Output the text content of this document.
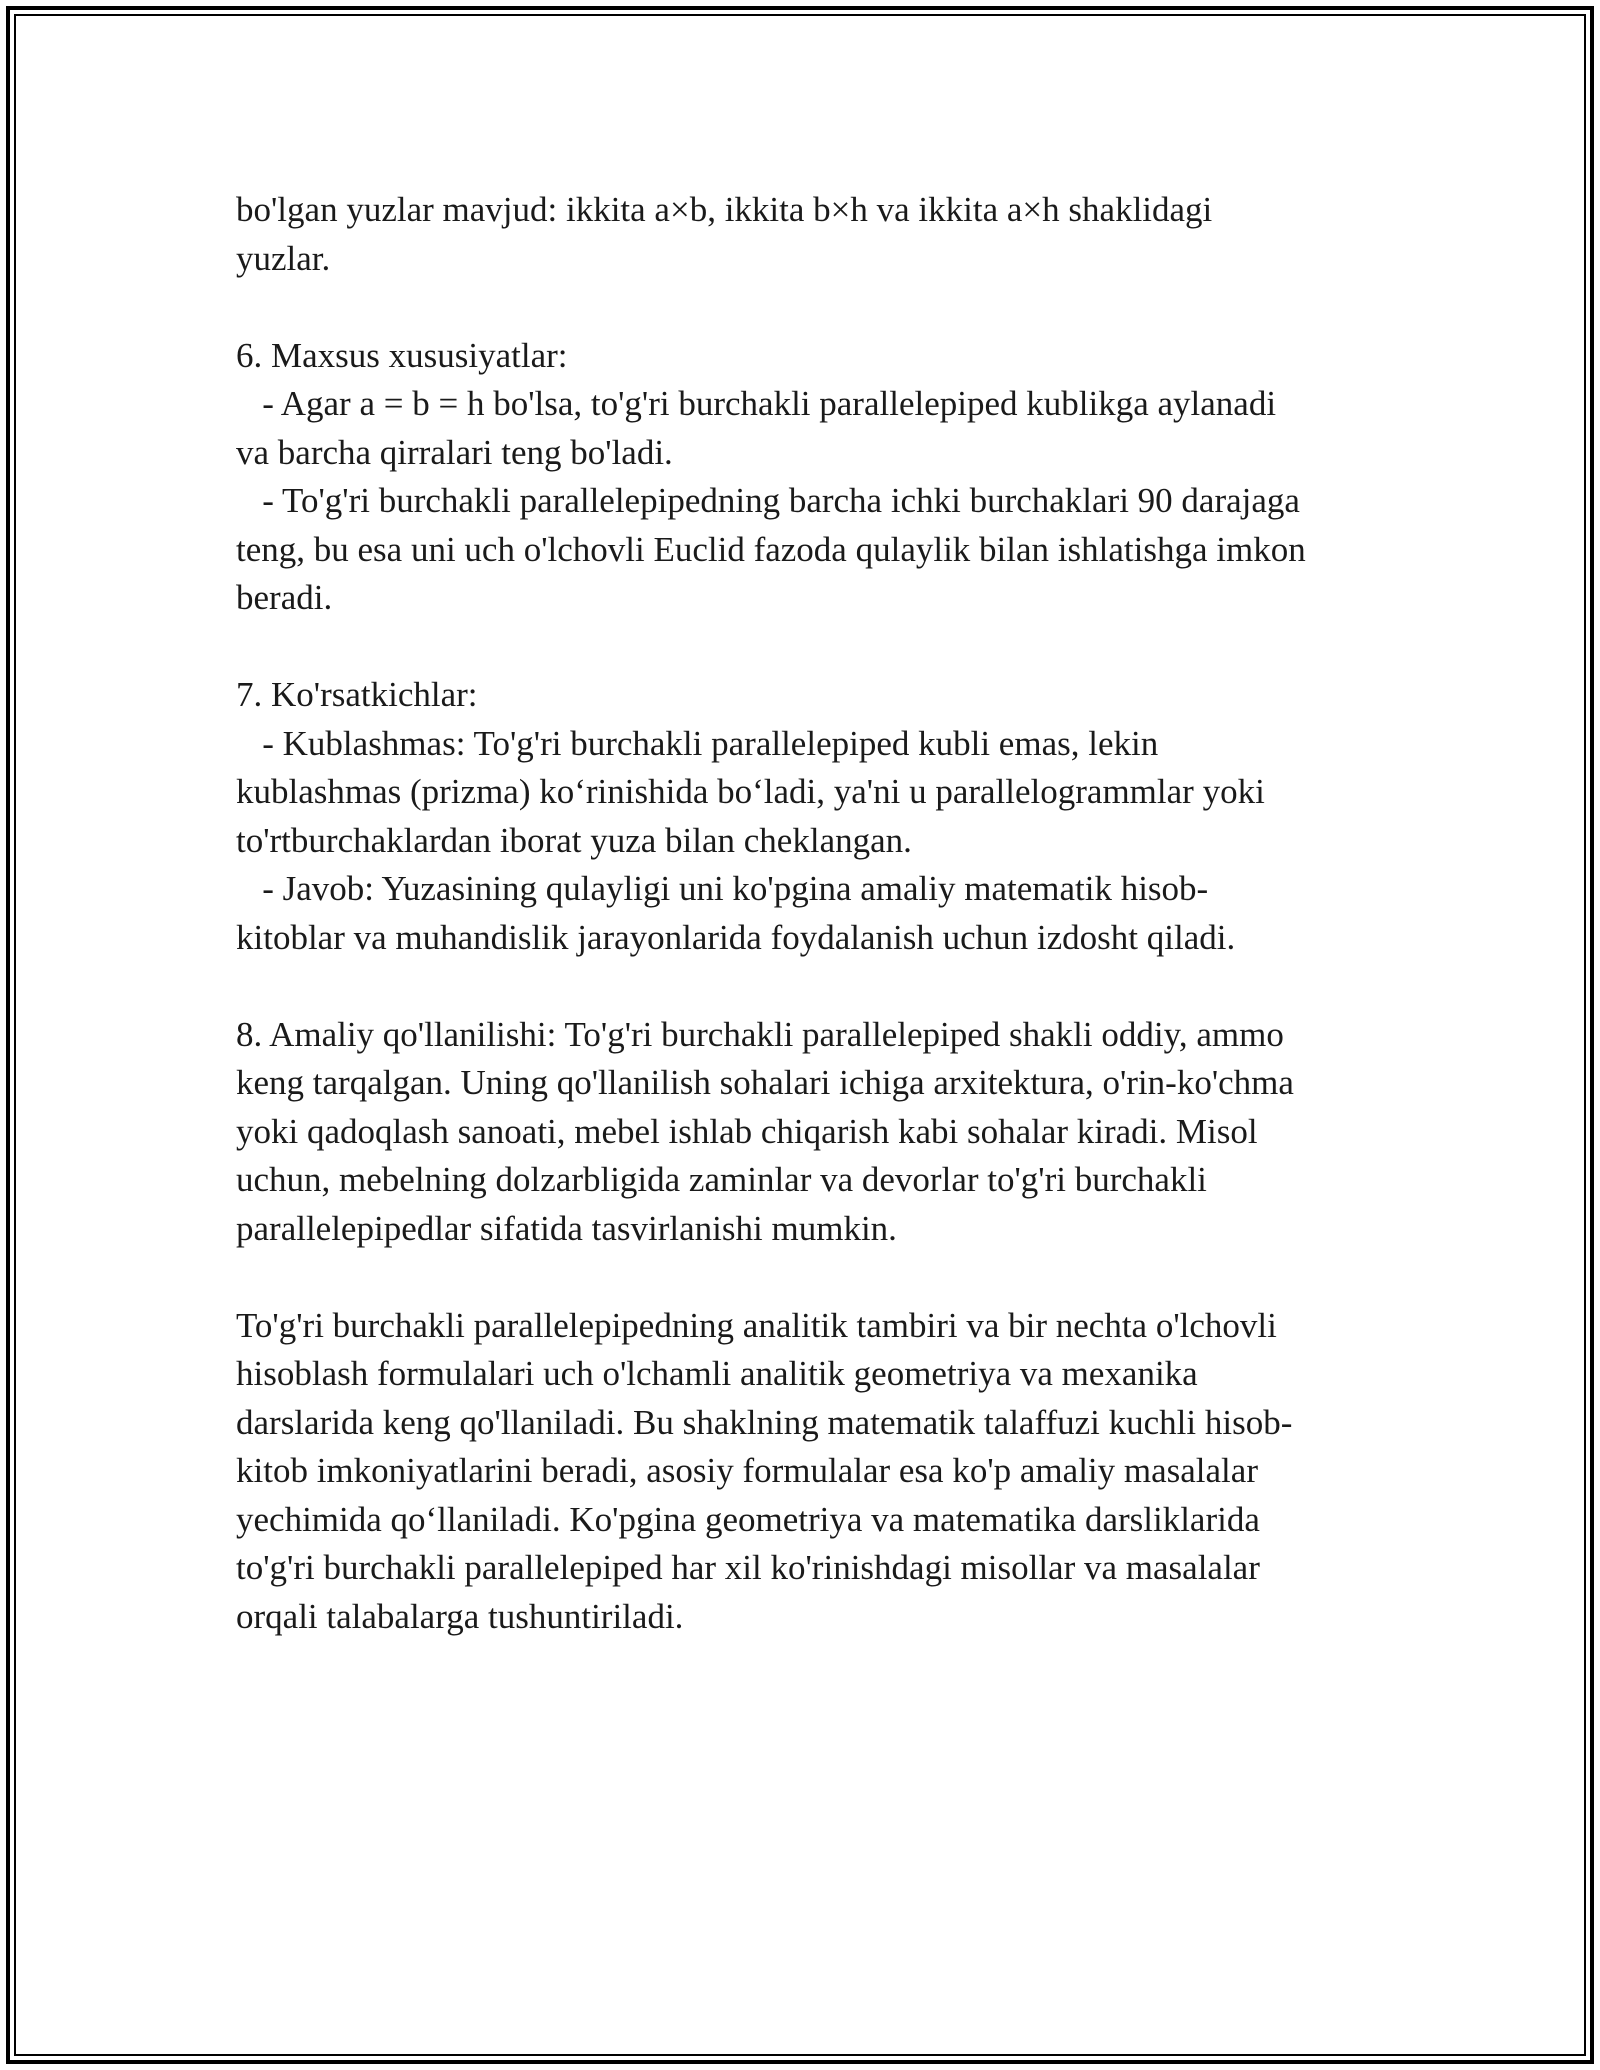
bo'lgan yuzlar mavjud: ikkita a×b, ikkita b×h va ikkita a×h shaklidagi
yuzlar.

6. Maxsus xususiyatlar:

- Agar a = b = h bo'lsa, to'g'ri burchakli parallelepiped kublikga aylanadi
va barcha qirralari teng bo'ladi.

- To'g'ri burchakli parallelepipedning barcha ichki burchaklari 90 darajaga
teng, bu esa uni uch o'lchovli Euclid fazoda qulaylik bilan ishlatishga imkon
beradi.

7. Ko'rsatkichlar:

- Kublashmas: To'g'ri burchakli parallelepiped kubli emas, lekin
kublashmas (prizma) ko‘rinishida bo‘ladi, ya'ni u parallelogrammlar yoki
to'rtburchaklardan iborat yuza bilan cheklangan.

- Javob: Yuzasining qulayligi uni ko'pgina amaliy matematik hisob-
kitoblar va muhandislik jarayonlarida foydalanish uchun izdosht qiladi.

8. Amaliy qo'llanilishi: To'g'ri burchakli parallelepiped shakli oddiy, ammo
keng tarqalgan. Uning qo'llanilish sohalari ichiga arxitektura, o'rin-ko'chma
yoki qadoqlash sanoati, mebel ishlab chiqarish kabi sohalar kiradi. Misol
uchun, mebelning dolzarbligida zaminlar va devorlar to'g'ri burchakli
parallelepipedlar sifatida tasvirlanishi mumkin.

To'g'ri burchakli parallelepipedning analitik tambiri va bir nechta o'lchovli
hisoblash formulalari uch o'lchamli analitik geometriya va mexanika
darslarida keng qo'llaniladi. Bu shaklning matematik talaffuzi kuchli hisob-
kitob imkoniyatlarini beradi, asosiy formulalar esa ko'p amaliy masalalar
yechimida qo‘llaniladi. Ko'pgina geometriya va matematika darsliklarida
to'g'ri burchakli parallelepiped har xil ko'rinishdagi misollar va masalalar
orqali talabalarga tushuntiriladi.
